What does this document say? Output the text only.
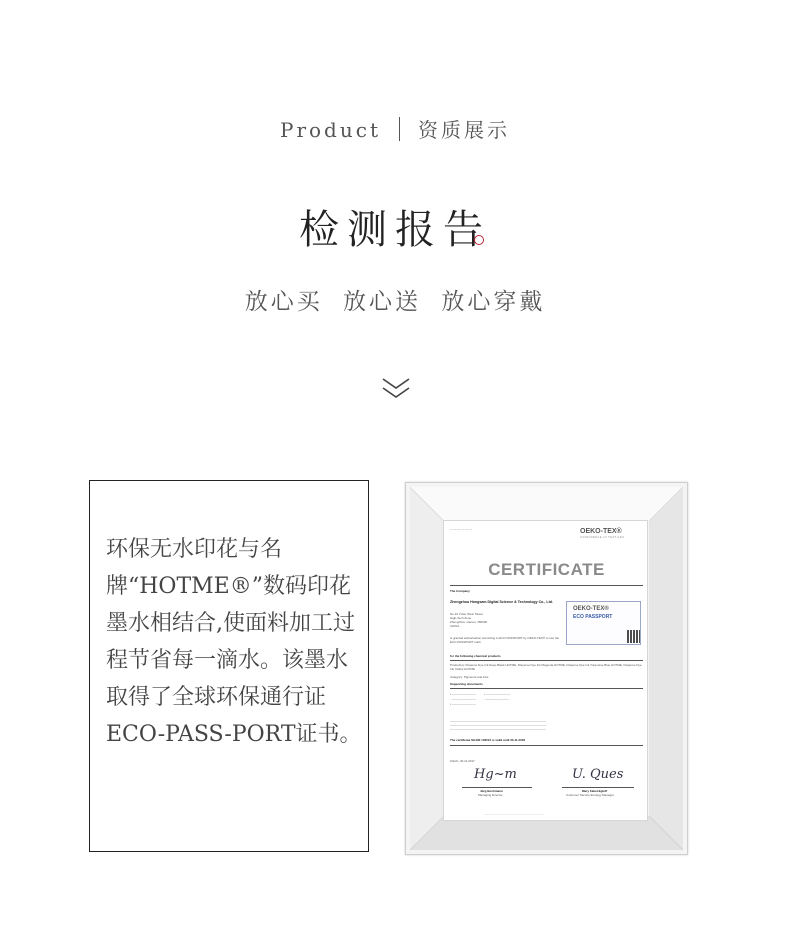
Product 资质展示
检测报告
放心买 放心送 放心穿戴

环保无水印花与名牌“HOTME®”数码印花墨水相结合,使面料加工过程节省每一滴水。该墨水取得了全球环保通行证ECO-PASS-PORT证书。

OEKO-TEX®
CONFIDENCE IN TEXTILES
— — — — — —
CERTIFICATE
The Company
Zhengzhou Hongsam Digital Science & Technology Co., Ltd.
No.10 Yulan West Street
High-Tech Zone
Zhengzhou, Henan, 450000
CHINA
is granted authorisation according to ECO PASSPORT by OEKO-TEX® to use the ECO PASSPORT mark
OEKO-TEX®
ECO PASSPORT
for the following chemical products
Product(s): Disperse Dye Ink Deep Black HOTME, Disperse Dye Ink Magenta HOTME, Disperse Dye Ink Turquoise Blue HOTME, Disperse Dye Ink Yellow HOTME
Category: Pigments and inks
Supporting documents
• ————————          • ————————
————————           ————————
• ————————
————————————————————————————————
————————————————————————————————
————————————————————————————————
The certificate SH190 133521 is valid until 30.11.2018
Zürich, 30.11.2017
Hg~m	U. Ques
Jürg Bochmann
Managing Director
Mary Fabel-Egloff
Customer Service Ecology Manager
————————————————————
